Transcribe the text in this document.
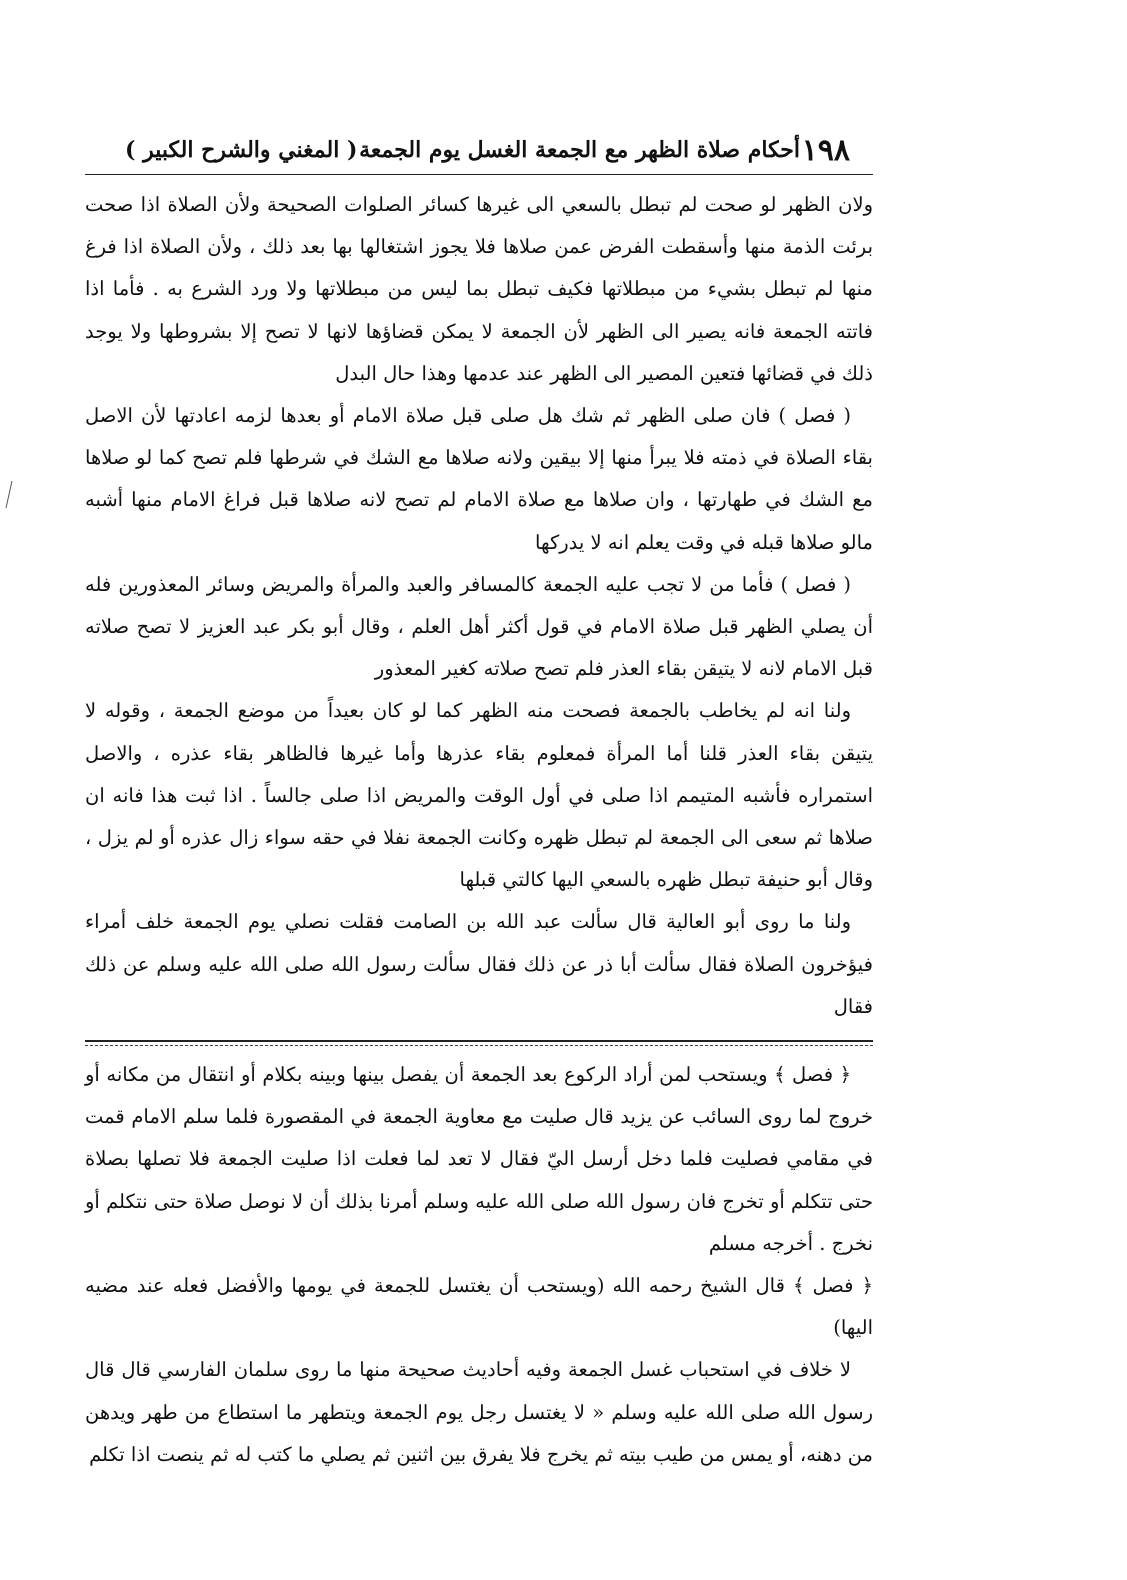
١٩٨
أحكام صلاة الظهر مع الجمعة الغسل يوم الجمعة
( المغني والشرح الكبير )

ولان الظهر لو صحت لم تبطل بالسعي الى غيرها كسائر الصلوات الصحيحة ولأن الصلاة اذا صحت برئت الذمة منها وأسقطت الفرض عمن صلاها فلا يجوز اشتغالها بها بعد ذلك ، ولأن الصلاة اذا فرغ منها لم تبطل بشيء من مبطلاتها فكيف تبطل بما ليس من مبطلاتها ولا ورد الشرع به . فأما اذا فاتته الجمعة فانه يصير الى الظهر لأن الجمعة لا يمكن قضاؤها لانها لا تصح إلا بشروطها ولا يوجد ذلك في قضائها فتعين المصير الى الظهر عند عدمها وهذا حال البدل

( فصل ) فان صلى الظهر ثم شك هل صلى قبل صلاة الامام أو بعدها لزمه اعادتها لأن الاصل بقاء الصلاة في ذمته فلا يبرأ منها إلا بيقين ولانه صلاها مع الشك في شرطها فلم تصح كما لو صلاها مع الشك في طهارتها ، وان صلاها مع صلاة الامام لم تصح لانه صلاها قبل فراغ الامام منها أشبه مالو صلاها قبله في وقت يعلم انه لا يدركها

( فصل ) فأما من لا تجب عليه الجمعة كالمسافر والعبد والمرأة والمريض وسائر المعذورين فله أن يصلي الظهر قبل صلاة الامام في قول أكثر أهل العلم ، وقال أبو بكر عبد العزيز لا تصح صلاته قبل الامام لانه لا يتيقن بقاء العذر فلم تصح صلاته كغير المعذور

ولنا انه لم يخاطب بالجمعة فصحت منه الظهر كما لو كان بعيداً من موضع الجمعة ، وقوله لا يتيقن بقاء العذر قلنا أما المرأة فمعلوم بقاء عذرها وأما غيرها فالظاهر بقاء عذره ، والاصل استمراره فأشبه المتيمم اذا صلى في أول الوقت والمريض اذا صلى جالساً . اذا ثبت هذا فانه ان صلاها ثم سعى الى الجمعة لم تبطل ظهره وكانت الجمعة نفلا في حقه سواء زال عذره أو لم يزل ، وقال أبو حنيفة تبطل ظهره بالسعي اليها كالتي قبلها

ولنا ما روى أبو العالية قال سألت عبد الله بن الصامت فقلت نصلي يوم الجمعة خلف أمراء فيؤخرون الصلاة فقال سألت أبا ذر عن ذلك فقال سألت رسول الله صلى الله عليه وسلم عن ذلك فقال

﴿ فصل ﴾ ويستحب لمن أراد الركوع بعد الجمعة أن يفصل بينها وبينه بكلام أو انتقال من مكانه أو خروج لما روى السائب عن يزيد قال صليت مع معاوية الجمعة في المقصورة فلما سلم الامام قمت في مقامي فصليت فلما دخل أرسل اليّ فقال لا تعد لما فعلت اذا صليت الجمعة فلا تصلها بصلاة حتى تتكلم أو تخرج فان رسول الله صلى الله عليه وسلم أمرنا بذلك أن لا نوصل صلاة حتى نتكلم أو نخرج . أخرجه مسلم

﴿ فصل ﴾ قال الشيخ رحمه الله (ويستحب أن يغتسل للجمعة في يومها والأفضل فعله عند مضيه اليها)

لا خلاف في استحباب غسل الجمعة وفيه أحاديث صحيحة منها ما روى سلمان الفارسي قال قال رسول الله صلى الله عليه وسلم « لا يغتسل رجل يوم الجمعة ويتطهر ما استطاع من طهر ويدهن من دهنه، أو يمس من طيب بيته ثم يخرج فلا يفرق بين اثنين ثم يصلي ما كتب له ثم ينصت اذا تكلم
